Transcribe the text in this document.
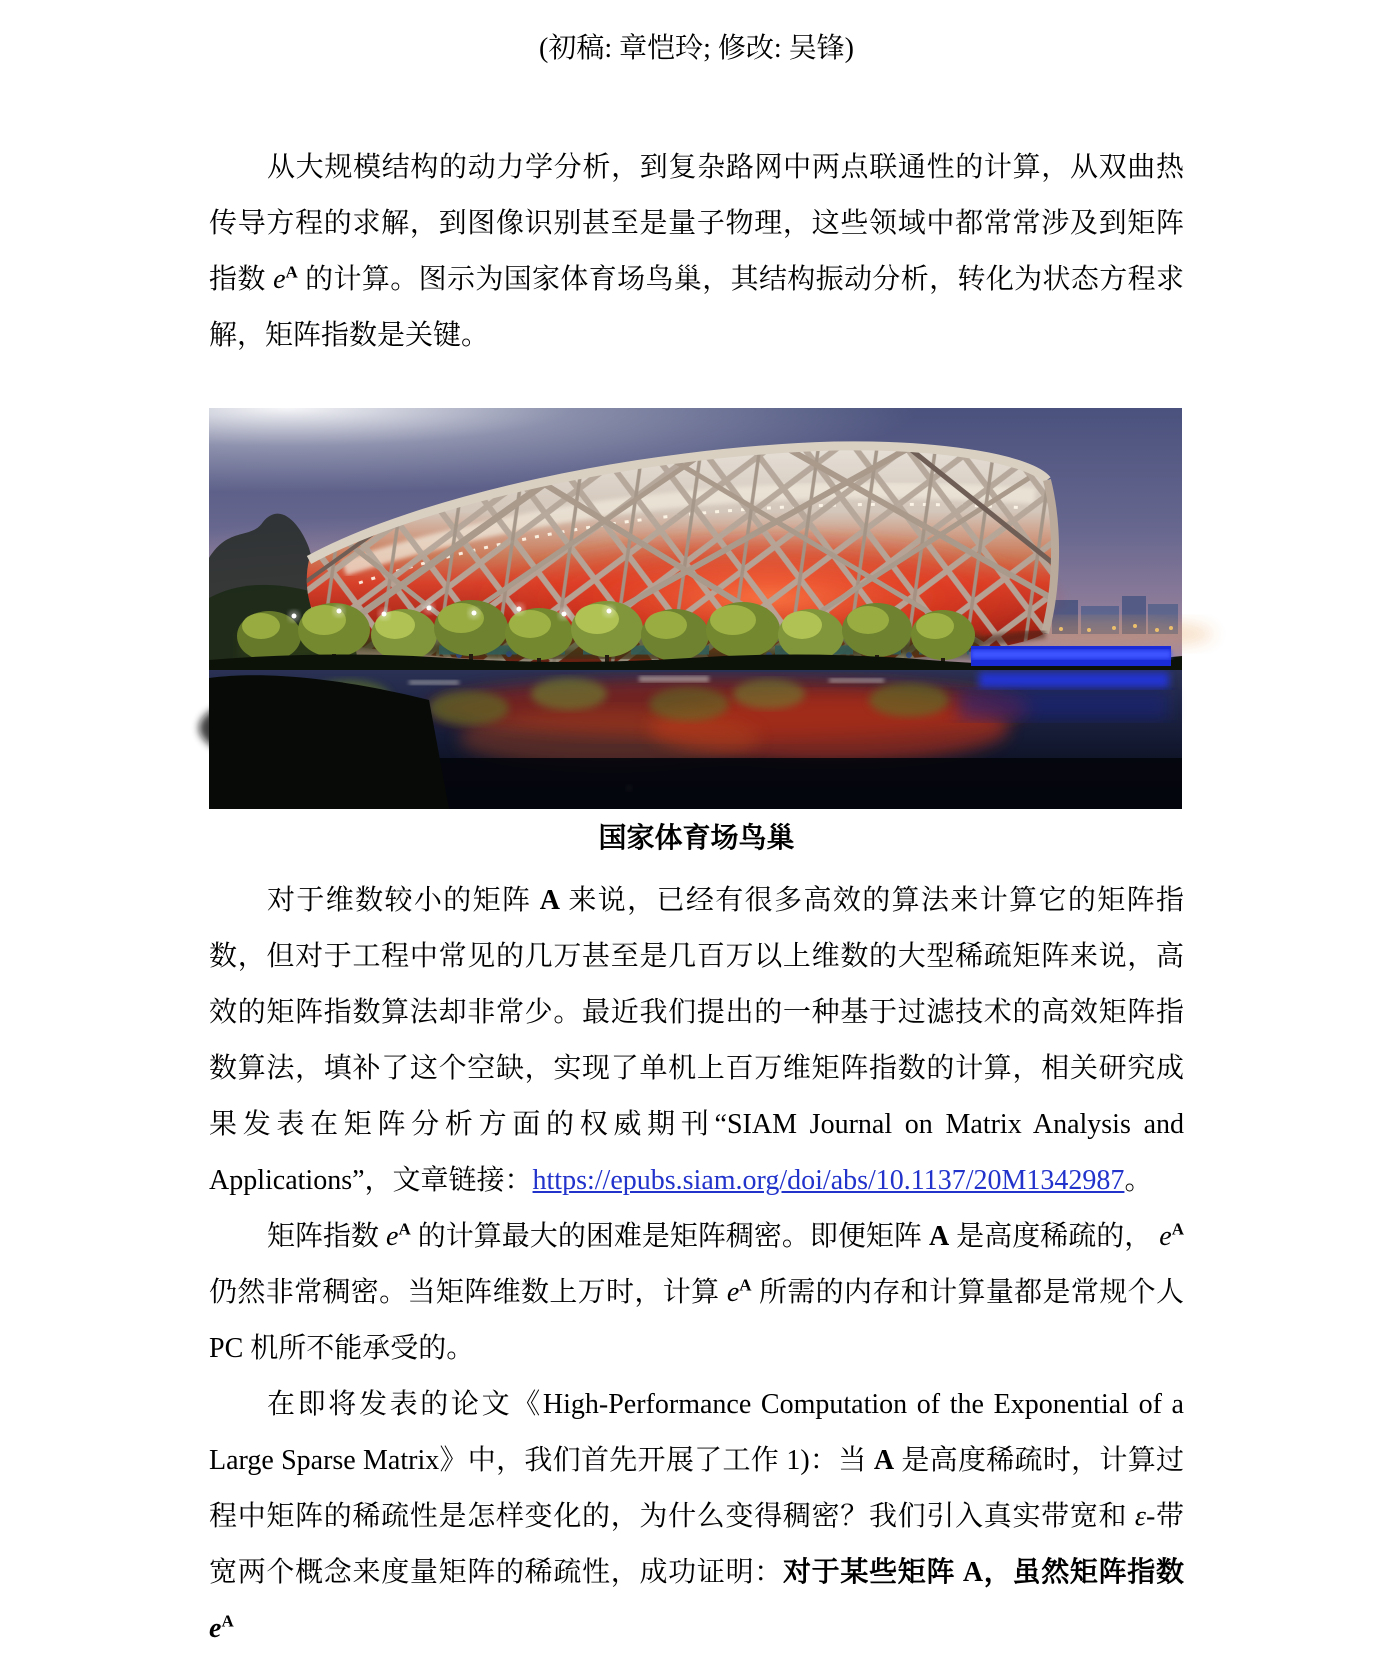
(初稿: 章恺玲; 修改: 吴锋)

从大规模结构的动力学分析，到复杂路网中两点联通性的计算，从双曲热传导方程的求解，到图像识别甚至是量子物理，这些领域中都常常涉及到矩阵指数 $e^A$ 的计算。图示为国家体育场鸟巢，其结构振动分析，转化为状态方程求解，矩阵指数是关键。

国家体育场鸟巢

对于维数较小的矩阵 A 来说，已经有很多高效的算法来计算它的矩阵指数，但对于工程中常见的几万甚至是几百万以上维数的大型稀疏矩阵来说，高效的矩阵指数算法却非常少。最近我们提出的一种基于过滤技术的高效矩阵指数算法，填补了这个空缺，实现了单机上百万维矩阵指数的计算，相关研究成果发表在矩阵分析方面的权威期刊“SIAM Journal on Matrix Analysis and Applications”，文章链接：https://epubs.siam.org/doi/abs/10.1137/20M1342987。

矩阵指数 $e^A$ 的计算最大的困难是矩阵稠密。即便矩阵 A 是高度稀疏的， $e^A$ 仍然非常稠密。当矩阵维数上万时，计算 $e^A$ 所需的内存和计算量都是常规个人 PC 机所不能承受的。

在即将发表的论文《High-Performance Computation of the Exponential of a Large Sparse Matrix》中，我们首先开展了工作 1)：当 A 是高度稀疏时，计算过程中矩阵的稀疏性是怎样变化的，为什么变得稠密？我们引入真实带宽和 ε-带宽两个概念来度量矩阵的稀疏性，成功证明：对于某些矩阵 A，虽然矩阵指数 $e^A$
